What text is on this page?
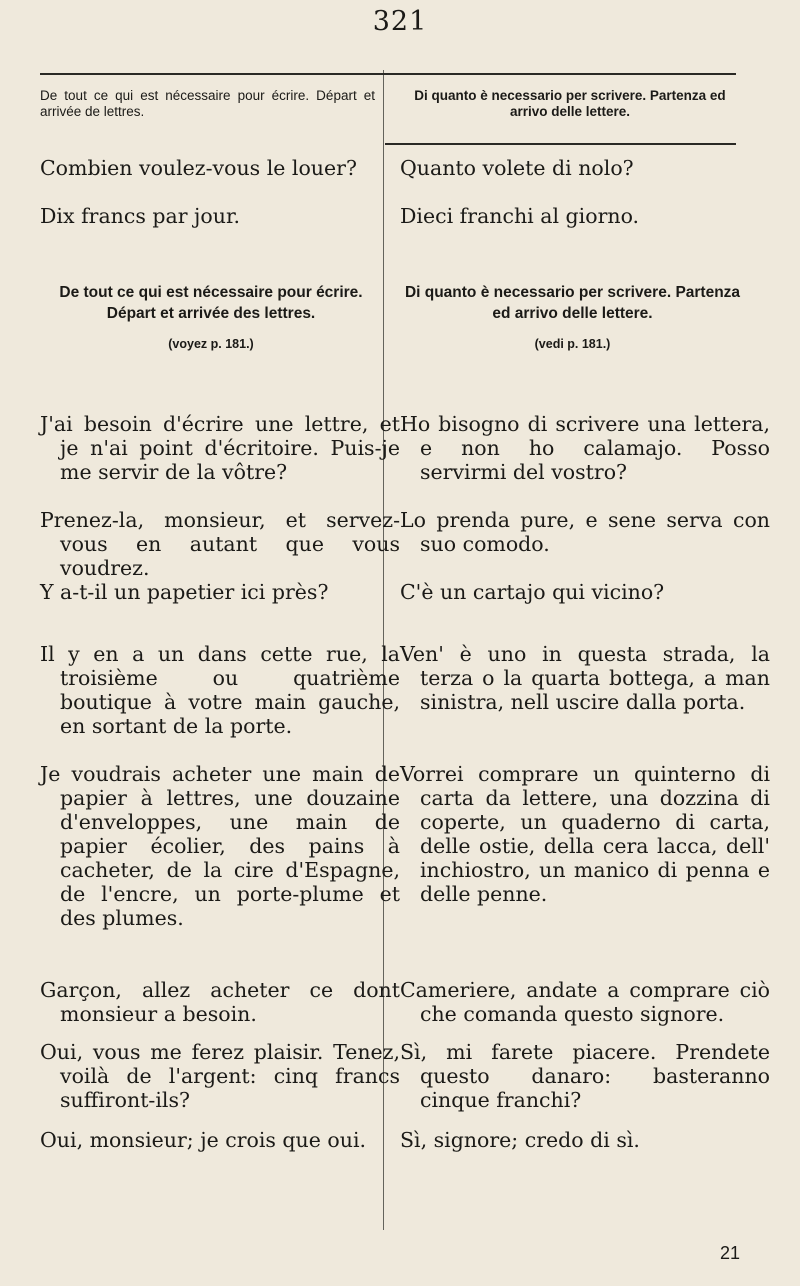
321
De tout ce qui est nécessaire pour écrire. Départ et arrivée de lettres.
Di quanto è necessario per scrivere. Partenza ed arrivo delle lettere.
Combien voulez-vous le louer?
Dix francs par jour.
Quanto volete di nolo?
Dieci franchi al giorno.
De tout ce qui est nécessaire pour écrire. Départ et arrivée des lettres.
(voyez p. 181.)
Di quanto è necessario per scrivere. Partenza ed arrivo delle lettere.
(vedi p. 181.)
J'ai besoin d'écrire une lettre, et je n'ai point d'écritoire. Puis-je me servir de la vôtre?
Prenez-la, monsieur, et servez-vous en autant que vous voudrez.
Y a-t-il un papetier ici près?
Il y en a un dans cette rue, la troisième ou quatrième boutique à votre main gauche, en sortant de la porte.
Je voudrais acheter une main de papier à lettres, une douzaine d'enveloppes, une main de papier écolier, des pains à cacheter, de la cire d'Espagne, de l'encre, un porte-plume et des plumes.
Garçon, allez acheter ce dont monsieur a besoin.
Oui, vous me ferez plaisir. Tenez, voilà de l'argent: cinq francs suffiront-ils?
Oui, monsieur; je crois que oui.
Ho bisogno di scrivere una lettera, e non ho calamajo. Posso servirmi del vostro?
Lo prenda pure, e sene serva con suo comodo.
C'è un cartajo qui vicino?
Ven' è uno in questa strada, la terza o la quarta bottega, a man sinistra, nell uscire dalla porta.
Vorrei comprare un quinterno di carta da lettere, una dozzina di coperte, un quaderno di carta, delle ostie, della cera lacca, dell' inchiostro, un manico di penna e delle penne.
Cameriere, andate a comprare ciò che comanda questo signore.
Sì, mi farete piacere. Prendete questo danaro: basteranno cinque franchi?
Sì, signore; credo di sì.
21
